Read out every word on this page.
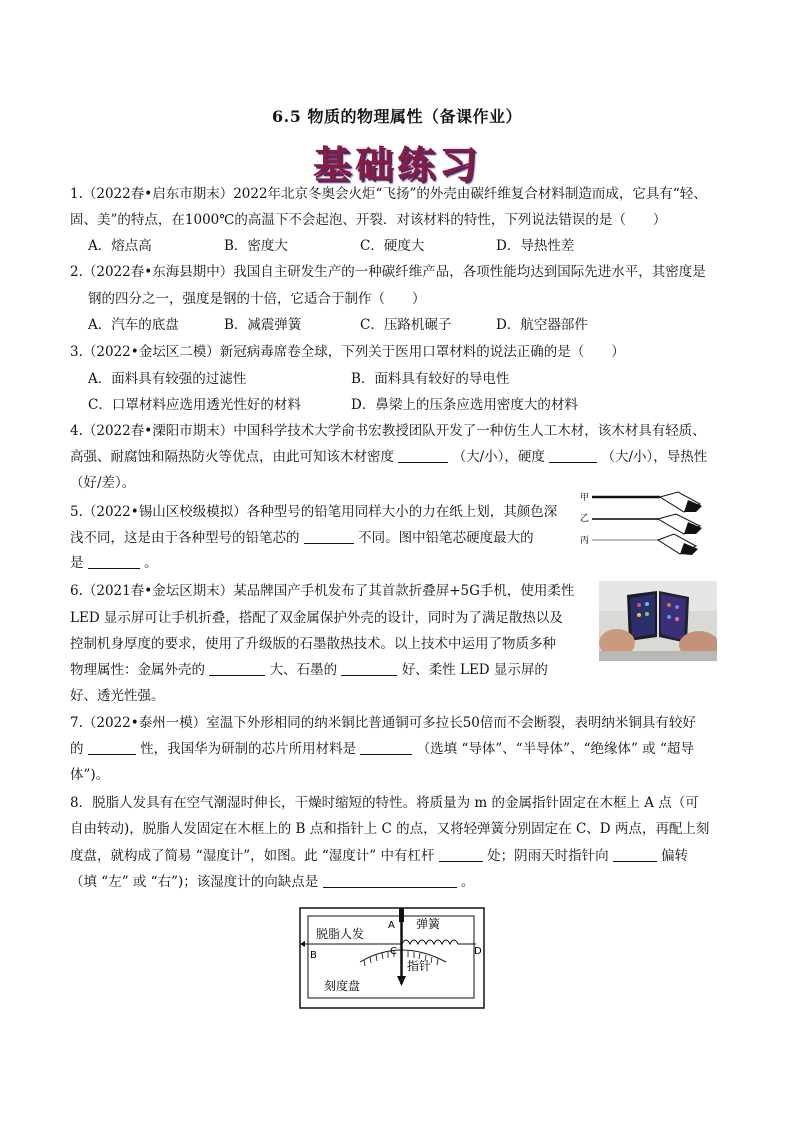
6.5 物质的物理属性（备课作业）
基础练习
1.（2022春•启东市期末）2022年北京冬奥会火炬“飞扬”的外壳由碳纤维复合材料制造而成，它具有“轻、
固、美”的特点，在1000℃的高温下不会起泡、开裂．对该材料的特性，下列说法错误的是（　　）
A．熔点高	B．密度大	C．硬度大	D．导热性差
2.（2022春•东海县期中）我国自主研发生产的一种碳纤维产品，各项性能均达到国际先进水平，其密度是
钢的四分之一，强度是钢的十倍，它适合于制作（　　）
A．汽车的底盘	B．减震弹簧	C．压路机碾子	D．航空器部件
3.（2022•金坛区二模）新冠病毒席卷全球，下列关于医用口罩材料的说法正确的是（　　）
A．面料具有较强的过滤性	B．面料具有较好的导电性
C．口罩材料应选用透光性好的材料	D．鼻梁上的压条应选用密度大的材料
4.（2022春•溧阳市期末）中国科学技术大学俞书宏教授团队开发了一种仿生人工木材，该木材具有轻质、
高强、耐腐蚀和隔热防火等优点，由此可知该木材密度	（大/小），硬度	（大/小），导热性
（好/差）。
5.（2022•锡山区校级模拟）各种型号的铅笔用同样大小的力在纸上划，其颜色深
浅不同，这是由于各种型号的铅笔芯的	不同。图中铅笔芯硬度最大的
是	。
甲
乙
丙
6.（2021春•金坛区期末）某品牌国产手机发布了其首款折叠屏+5G手机，使用柔性
LED 显示屏可让手机折叠，搭配了双金属保护外壳的设计，同时为了满足散热以及
控制机身厚度的要求，使用了升级版的石墨散热技术。以上技术中运用了物质多种
物理属性：金属外壳的	大、石墨的	好、柔性 LED 显示屏的
好、透光性强。
7.（2022•泰州一模）室温下外形相同的纳米铜比普通铜可多拉长50倍而不会断裂，表明纳米铜具有较好
的	性，我国华为研制的芯片所用材料是	（选填 “导体”、“半导体”、“绝缘体” 或 “超导
体”)。
8．脱脂人发具有在空气潮湿时伸长，干燥时缩短的特性。将质量为 m 的金属指针固定在木框上 A 点（可
自由转动)，脱脂人发固定在木框上的 B 点和指针上 C 的点，又将轻弹簧分别固定在 C、D 两点，再配上刻
度盘，就构成了简易 “湿度计”，如图。此 “湿度计” 中有杠杆	处；阴雨天时指针向	偏转
（填 “左” 或 “右”)；该湿度计的向缺点是	。
脱脂人发
弹簧
指针
刻度盘
A
B	C	D
